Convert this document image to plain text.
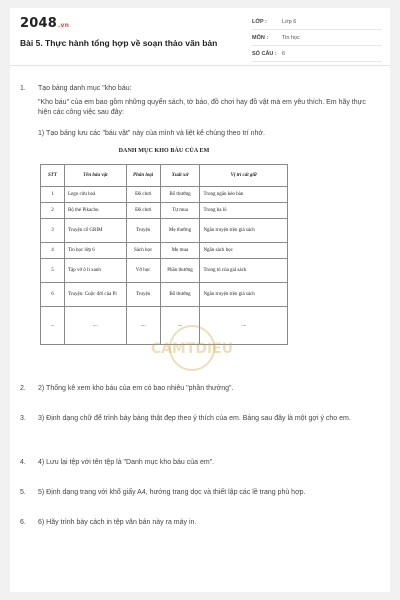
2048.vn
Bài 5. Thực hành tổng hợp về soạn thảo văn bản
LỚP :	Lớp 6
MÔN :	Tin học
SỐ CÂU : 6
1. Tạo bảng danh mục "kho báu:
"Kho báu" của em bao gồm những quyển sách, tờ báo, đồ chơi hay đồ vật mà em yêu thích. Em hãy thực hiện các công việc sau đây:
1) Tạo bảng lưu các "báu vật" này của mình và liệt kê chúng theo trí nhớ.
DANH MỤC KHO BÁU CỦA EM
STT	Tên báu vật	Phân loại	Xuất xứ	Vị trí cất giữ
1	Lego cứu hoả	Đồ chơi	Bố thưởng	Trong ngăn kéo bàn
2	Bộ thẻ Pikachu	Đồ chơi	Tự mua	Trong ba lô
3	Truyện cổ GRIM	Truyện	Mẹ thưởng	Ngăn truyện trên giá sách
4	Tin học lớp 6	Sách học	Mẹ mua	Ngăn sách học
5	Tập vở ô li xanh	Vở học	Phần thưởng	Trong tủ của giá sách
6	Truyện: Cuộc đời của Pi	Truyện	Bố thưởng	Ngăn truyện trên giá sách
...	....	....	....	....
CAMTDIEU
2. 2) Thống kê xem kho báu của em có bao nhiêu "phần thưởng".
3. 3) Định dạng chữ để trình bày bảng thật đẹp theo ý thích của em. Bảng sau đây là một gợi ý cho em.
4. 4) Lưu lại tệp với tên tệp là "Danh mục kho báu của em".
5. 5) Định dạng trang với khổ giấy A4, hướng trang dọc và thiết lập các lề trang phù hợp.
6. 6) Hãy trình bày cách in tệp văn bản này ra máy in.
